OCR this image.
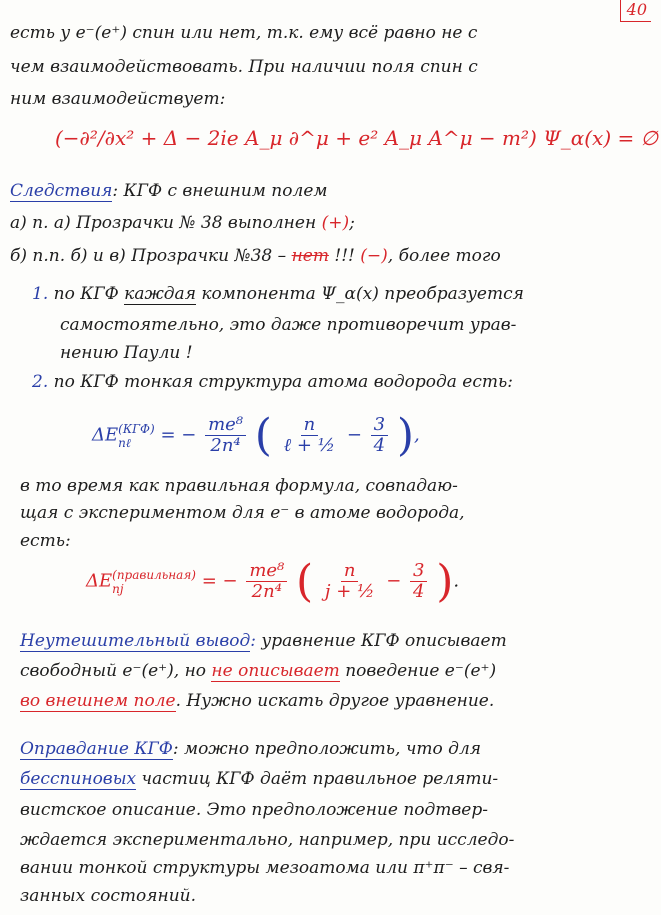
40
есть у e⁻(e⁺) спин или нет, т.к. ему всё равно не с
чем взаимодействовать. При наличии поля спин с
ним взаимодействует:
(−∂²/∂x² + Δ − 2ie A_μ ∂^μ + e² A_μ A^μ − m²) Ψ_α(x) = ∅
Следствия: КГФ с внешним полем
а) п. а) Прозрачки № 38 выполнен (+);
б) п.п. б) и в) Прозрачки №38 – нет !!! (−), более того
1. по КГФ каждая компонента Ψ_α(x) преобразуется
самостоятельно, это даже противоречит урав-
нению Паули !
2. по КГФ тонкая структура атома водорода есть:
ΔE (КГФ)
nℓ	= − $\frac{\text{me⁸}}{\text{2n⁴}}$ ( $\frac{n}{\text{ℓ + ½}} - \frac{3}{4}$ ),
в то время как правильная формула, совпадаю-
щая с экспериментом для e⁻ в атоме водорода,
есть:
ΔE (правильная)
nj	= − $\frac{\text{me⁸}}{\text{2n⁴}}$ ( $\frac{n}{\text{j + ½}} - \frac{3}{4}$ ).
Неутешительный вывод: уравнение КГФ описывает
свободный e⁻(e⁺), но не описывает поведение e⁻(e⁺)
во внешнем поле. Нужно искать другое уравнение.
Оправдание КГФ: можно предположить, что для
бесспиновых частиц КГФ даёт правильное реляти-
вистское описание. Это предположение подтвер-
ждается экспериментально, например, при исследо-
вании тонкой структуры мезоатома или π⁺π⁻ – свя-
занных состояний.
